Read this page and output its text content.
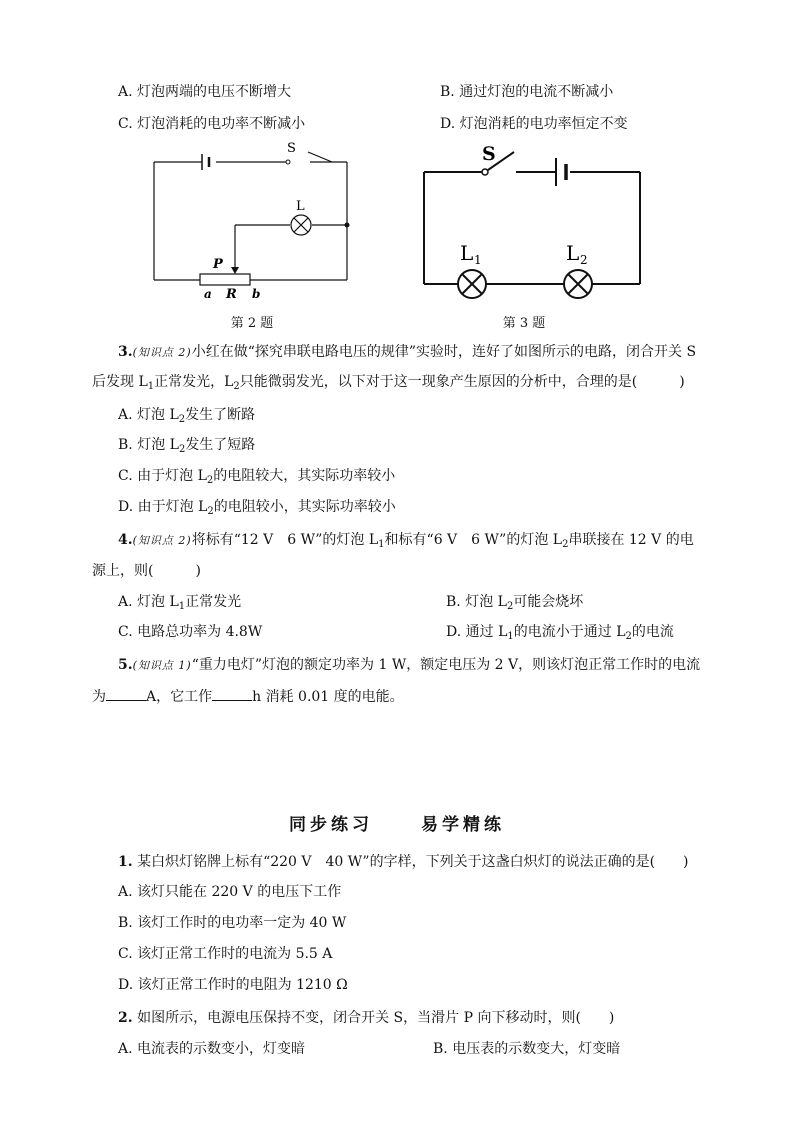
A. 灯泡两端的电压不断增大	B. 通过灯泡的电流不断减小
C. 灯泡消耗的电功率不断减小	D. 灯泡消耗的电功率恒定不变
S
L
P
a R b
第 2 题
S
L 1	L 2
第 3 题
3.(知识点 2)小红在做“探究串联电路电压的规律”实验时，连好了如图所示的电路，闭合开关 S
后发现 $L_1$正常发光，$L_2$只能微弱发光，以下对于这一现象产生原因的分析中，合理的是(　　　)
A. 灯泡 $L_2$发生了断路
B. 灯泡 $L_2$发生了短路
C. 由于灯泡 $L_2$的电阻较大，其实际功率较小
D. 由于灯泡 $L_2$的电阻较小，其实际功率较小
4.(知识点 2)将标有“12 V　6 W”的灯泡 $L_1$和标有“6 V　6 W”的灯泡 $L_2$串联接在 12 V 的电
源上，则(　　　)
A. 灯泡 $L_1$正常发光	B. 灯泡 $L_2$可能会烧坏
C. 电路总功率为 4.8W	D. 通过 $L_1$的电流小于通过 $L_2$的电流
5.(知识点 1)“重力电灯”灯泡的额定功率为 1 W，额定电压为 2 V，则该灯泡正常工作时的电流
为	A，它工作	h 消耗 0.01 度的电能。
同步练习	易学精练
1. 某白炽灯铭牌上标有“220 V　40 W”的字样，下列关于这盏白炽灯的说法正确的是(　　)
A. 该灯只能在 220 V 的电压下工作
B. 该灯工作时的电功率一定为 40 W
C. 该灯正常工作时的电流为 5.5 A
D. 该灯正常工作时的电阻为 1210 Ω
2. 如图所示，电源电压保持不变，闭合开关 S，当滑片 P 向下移动时，则(　　)
A. 电流表的示数变小，灯变暗	B. 电压表的示数变大，灯变暗
